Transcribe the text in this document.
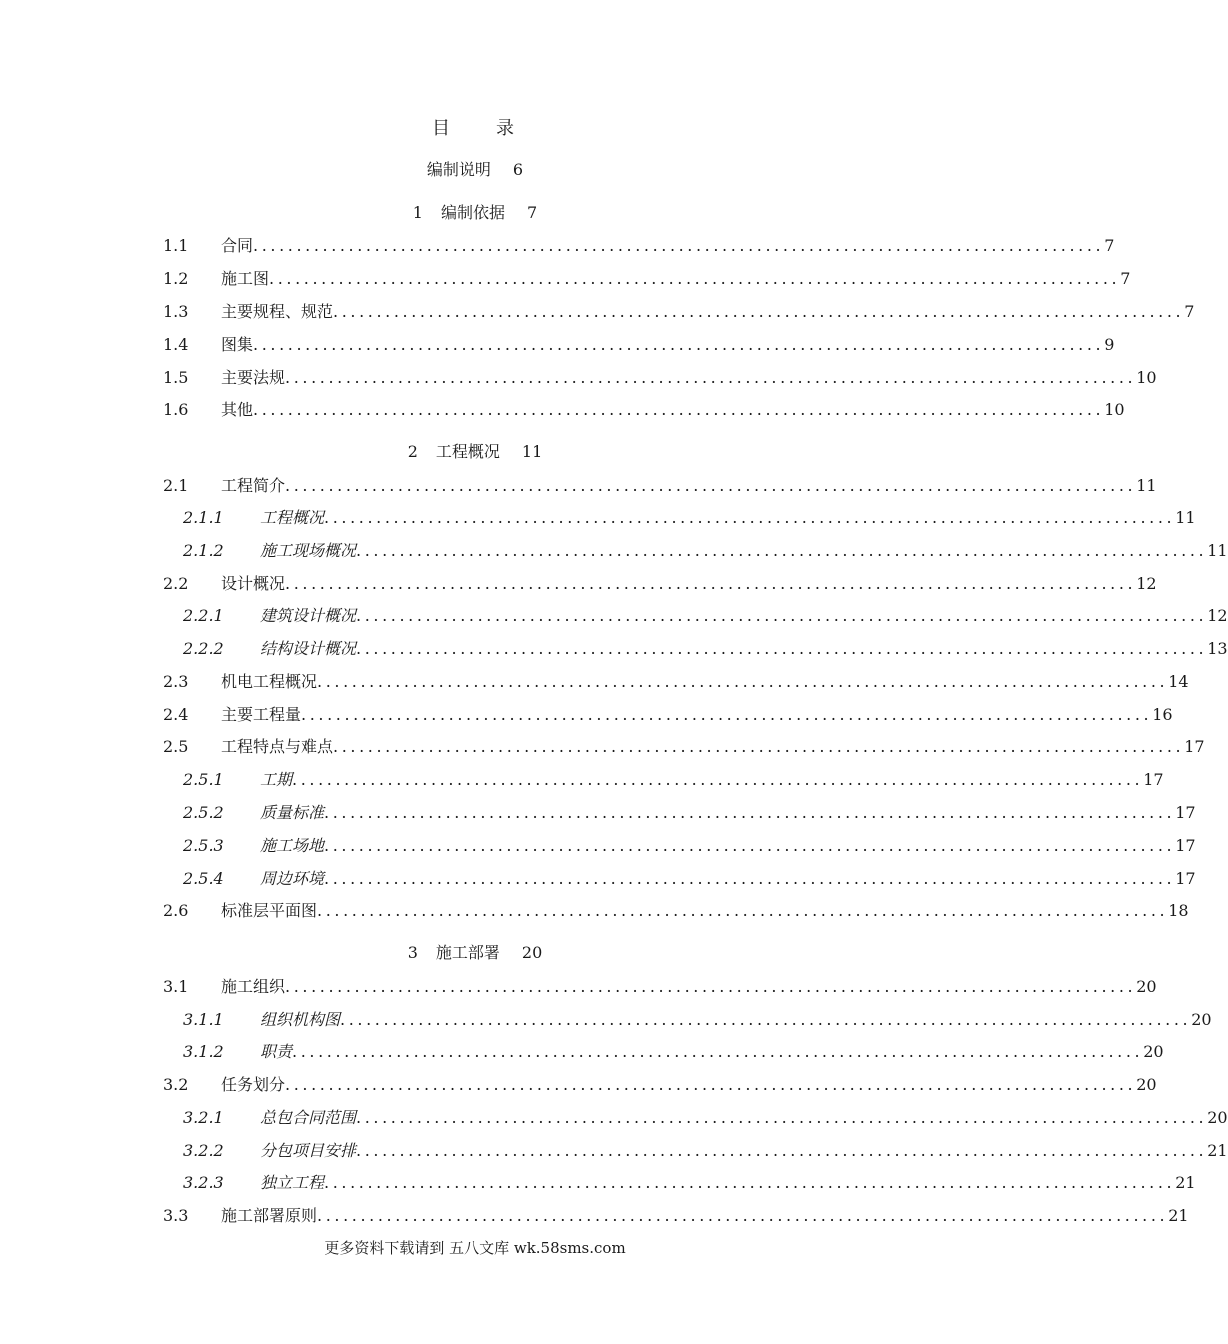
目　录
编制说明 6
1 编制依据 7
1.1	合同 .................................................................................................. 7
1.2	施工图 .................................................................................................. 7
1.3	主要规程、规范 .................................................................................................. 7
1.4	图集 .................................................................................................. 9
1.5	主要法规 .................................................................................................. 10
1.6	其他 .................................................................................................. 10
2 工程概况 11
2.1	工程简介 .................................................................................................. 11
2.1.1	工程概况 .................................................................................................. 11
2.1.2	施工现场概况 .................................................................................................. 11
2.2	设计概况 .................................................................................................. 12
2.2.1	建筑设计概况 .................................................................................................. 12
2.2.2	结构设计概况 .................................................................................................. 13
2.3	机电工程概况 .................................................................................................. 14
2.4	主要工程量 .................................................................................................. 16
2.5	工程特点与难点 .................................................................................................. 17
2.5.1	工期 .................................................................................................. 17
2.5.2	质量标准 .................................................................................................. 17
2.5.3	施工场地 .................................................................................................. 17
2.5.4	周边环境 .................................................................................................. 17
2.6	标准层平面图 .................................................................................................. 18
3 施工部署 20
3.1	施工组织 .................................................................................................. 20
3.1.1	组织机构图 .................................................................................................. 20
3.1.2	职责 .................................................................................................. 20
3.2	任务划分 .................................................................................................. 20
3.2.1	总包合同范围 .................................................................................................. 20
3.2.2	分包项目安排 .................................................................................................. 21
3.2.3	独立工程 .................................................................................................. 21
3.3	施工部署原则 .................................................................................................. 21
更多资料下载请到 五八文库 wk.58sms.com
